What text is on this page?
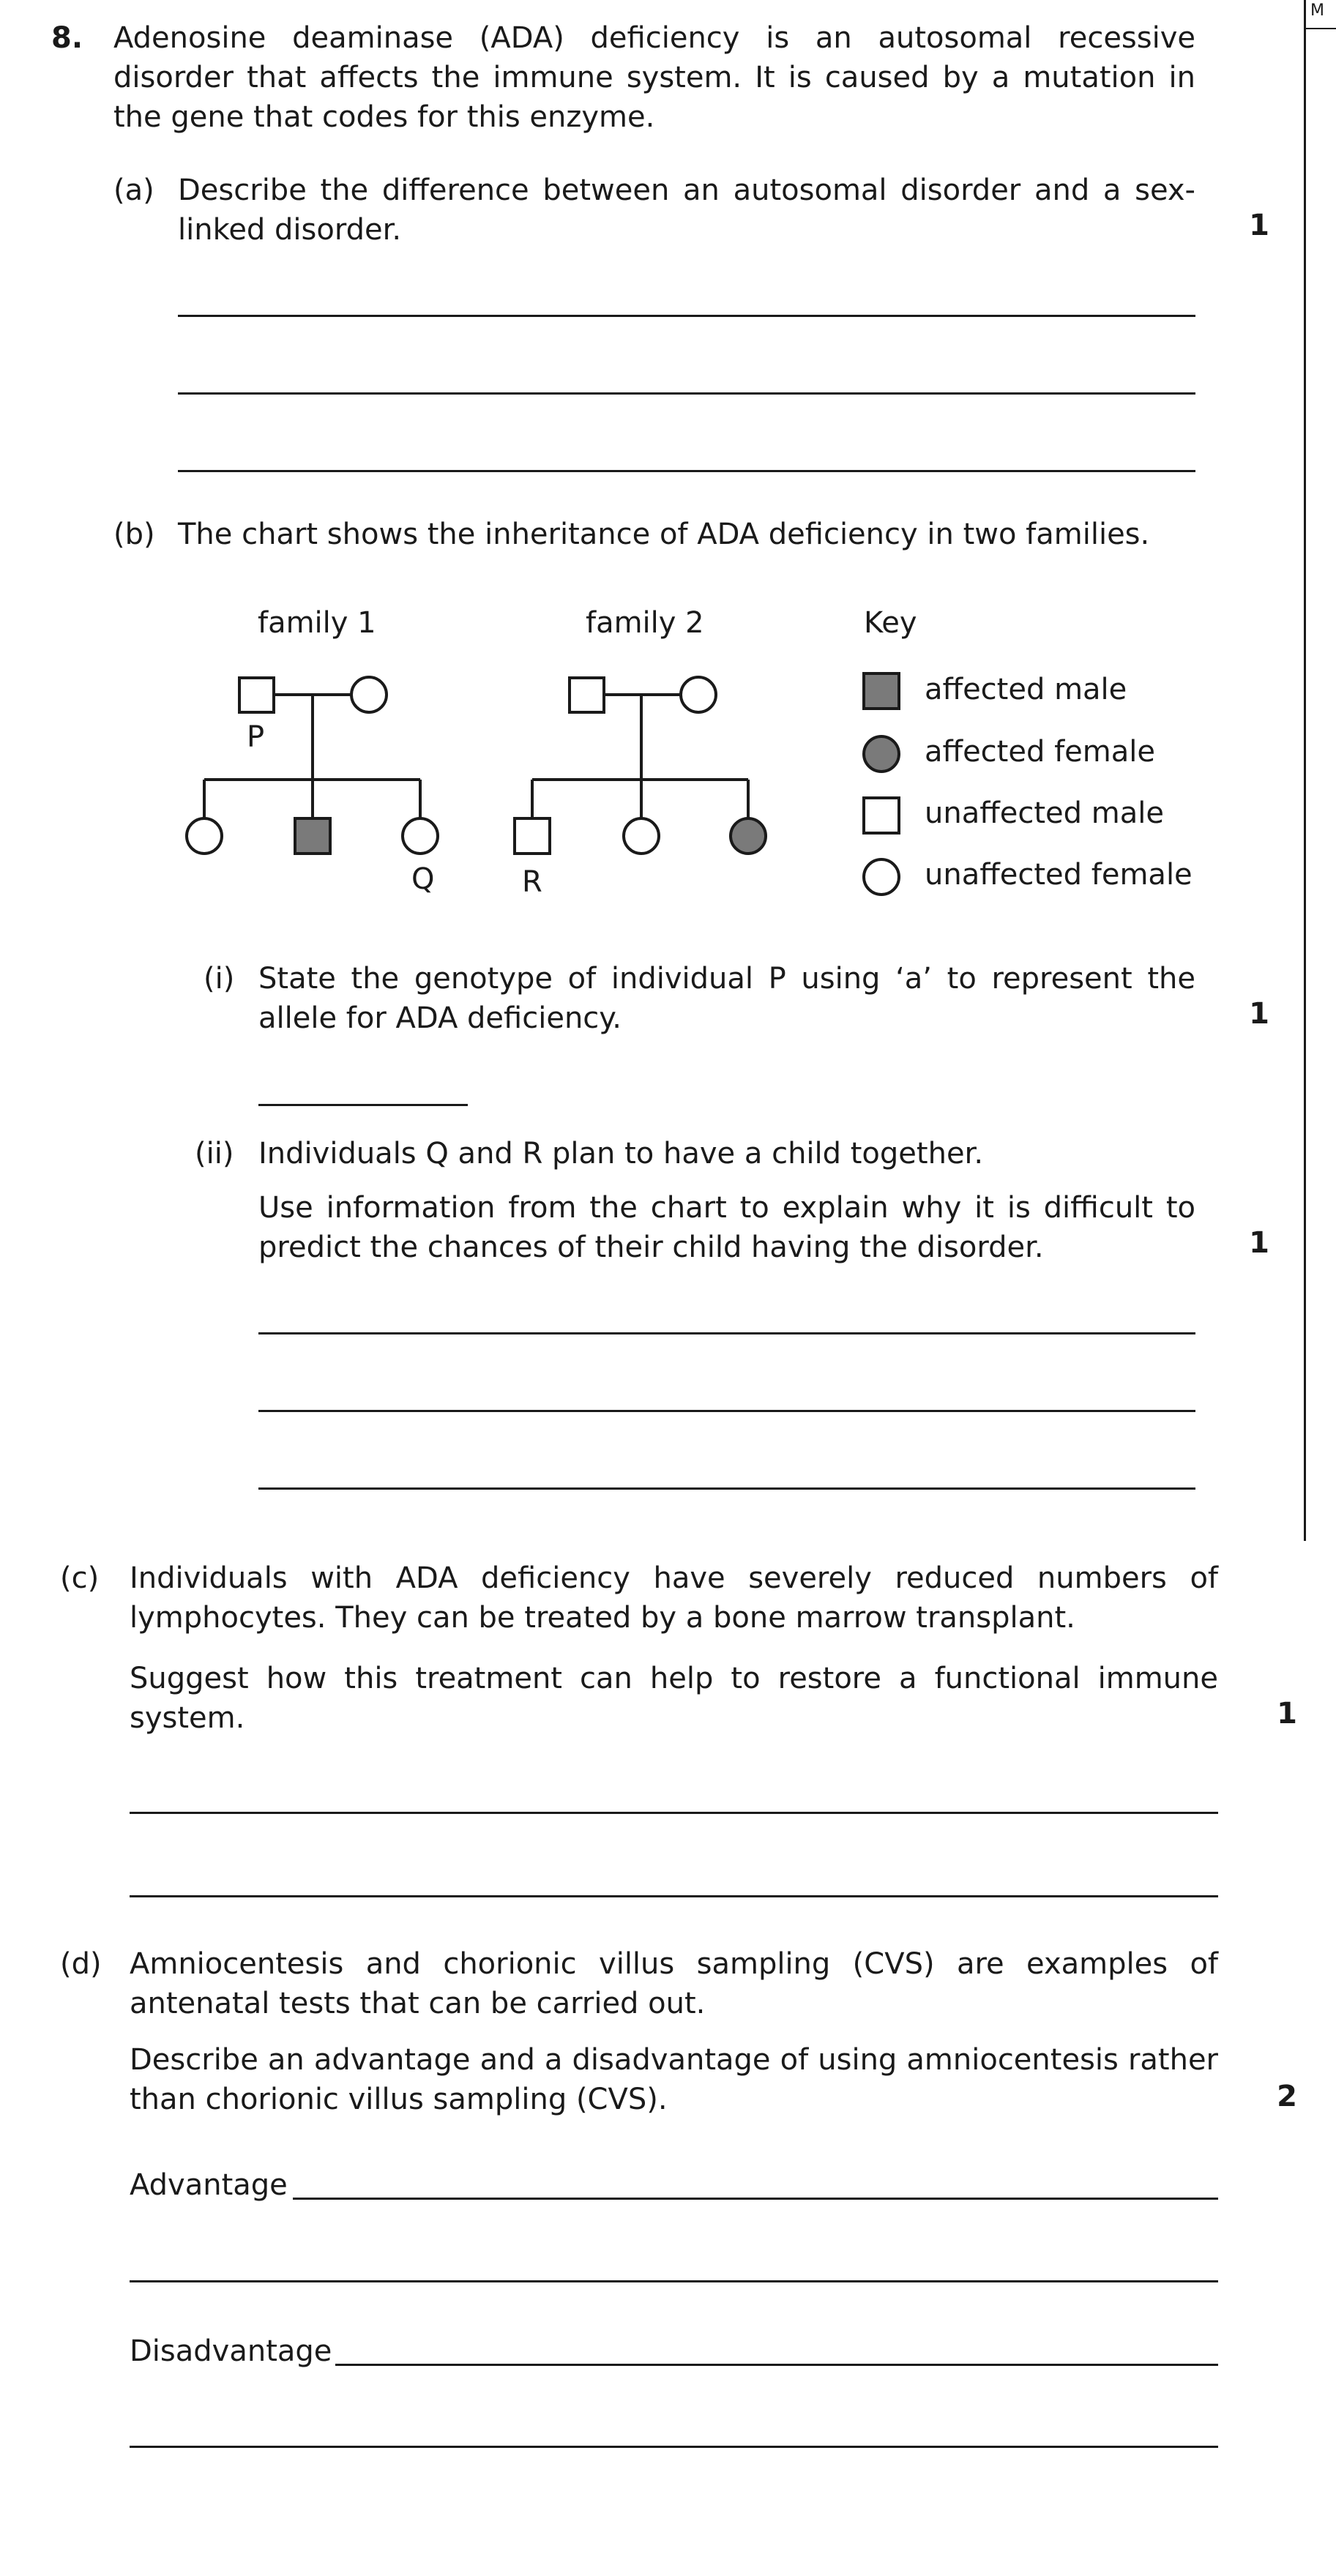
M
8. Adenosine deaminase (ADA) deficiency is an autosomal recessive disorder that affects the immune system. It is caused by a mutation in the gene that codes for this enzyme.
(a) Describe the difference between an autosomal disorder and a sex-linked disorder.	1
(b) The chart shows the inheritance of ADA deficiency in two families.
family 1	family 2	Key
P
Q	R
affected male
affected female
unaffected male
unaffected female
(i) State the genotype of individual P using ‘a’ to represent the allele for ADA deficiency.	1
(ii) Individuals Q and R plan to have a child together.
Use information from the chart to explain why it is difficult to predict the chances of their child having the disorder.	1
(c) Individuals with ADA deficiency have severely reduced numbers of lymphocytes. They can be treated by a bone marrow transplant.
Suggest how this treatment can help to restore a functional immune system.	1
(d) Amniocentesis and chorionic villus sampling (CVS) are examples of antenatal tests that can be carried out.
Describe an advantage and a disadvantage of using amniocentesis rather than chorionic villus sampling (CVS).	2
Advantage
Disadvantage
